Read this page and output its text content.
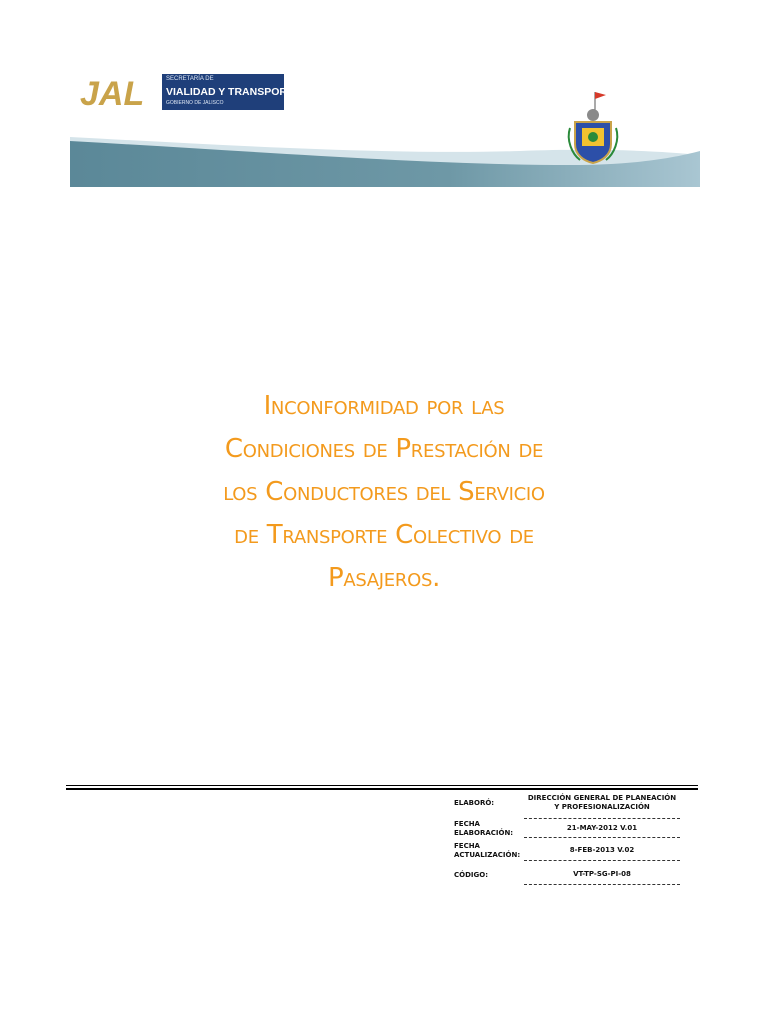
JAL	SECRETARÍA DE
VIALIDAD Y TRANSPORTE
GOBIERNO DE JALISCO
Inconformidad por las
Condiciones de Prestación de
los Conductores del Servicio
de Transporte Colectivo de
Pasajeros.
ELABORÓ:
DIRECCIÓN GENERAL DE PLANEACIÓN
Y PROFESIONALIZACIÓN
FECHA
ELABORACIÓN:
21-MAY-2012 V.01
FECHA
ACTUALIZACIÓN:
8-FEB-2013 V.02
CÓDIGO:	VT-TP-SG-PI-08
